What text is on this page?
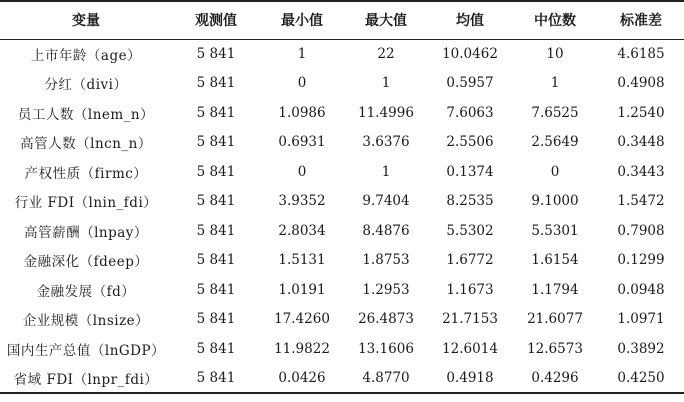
变量	观测值	最小值	最大值	均值	中位数	标准差
上市年龄（age）	5 841	1	22	10.0462	10	4.6185
分红（divi）	5 841	0	1	0.5957	1	0.4908
员工人数（lnem_n）	5 841	1.0986	11.4996	7.6063	7.6525	1.2540
高管人数（lncn_n）	5 841	0.6931	3.6376	2.5506	2.5649	0.3448
产权性质（firmc）	5 841	0	1	0.1374	0	0.3443
行业 FDI（lnin_fdi）	5 841	3.9352	9.7404	8.2535	9.1000	1.5472
高管薪酬（lnpay）	5 841	2.8034	8.4876	5.5302	5.5301	0.7908
金融深化（fdeep）	5 841	1.5131	1.8753	1.6772	1.6154	0.1299
金融发展（fd）	5 841	1.0191	1.2953	1.1673	1.1794	0.0948
企业规模（lnsize）	5 841	17.4260	26.4873	21.7153	21.6077	1.0971
国内生产总值（lnGDP）	5 841	11.9822	13.1606	12.6014	12.6573	0.3892
省域 FDI（lnpr_fdi）	5 841	0.0426	4.8770	0.4918	0.4296	0.4250
